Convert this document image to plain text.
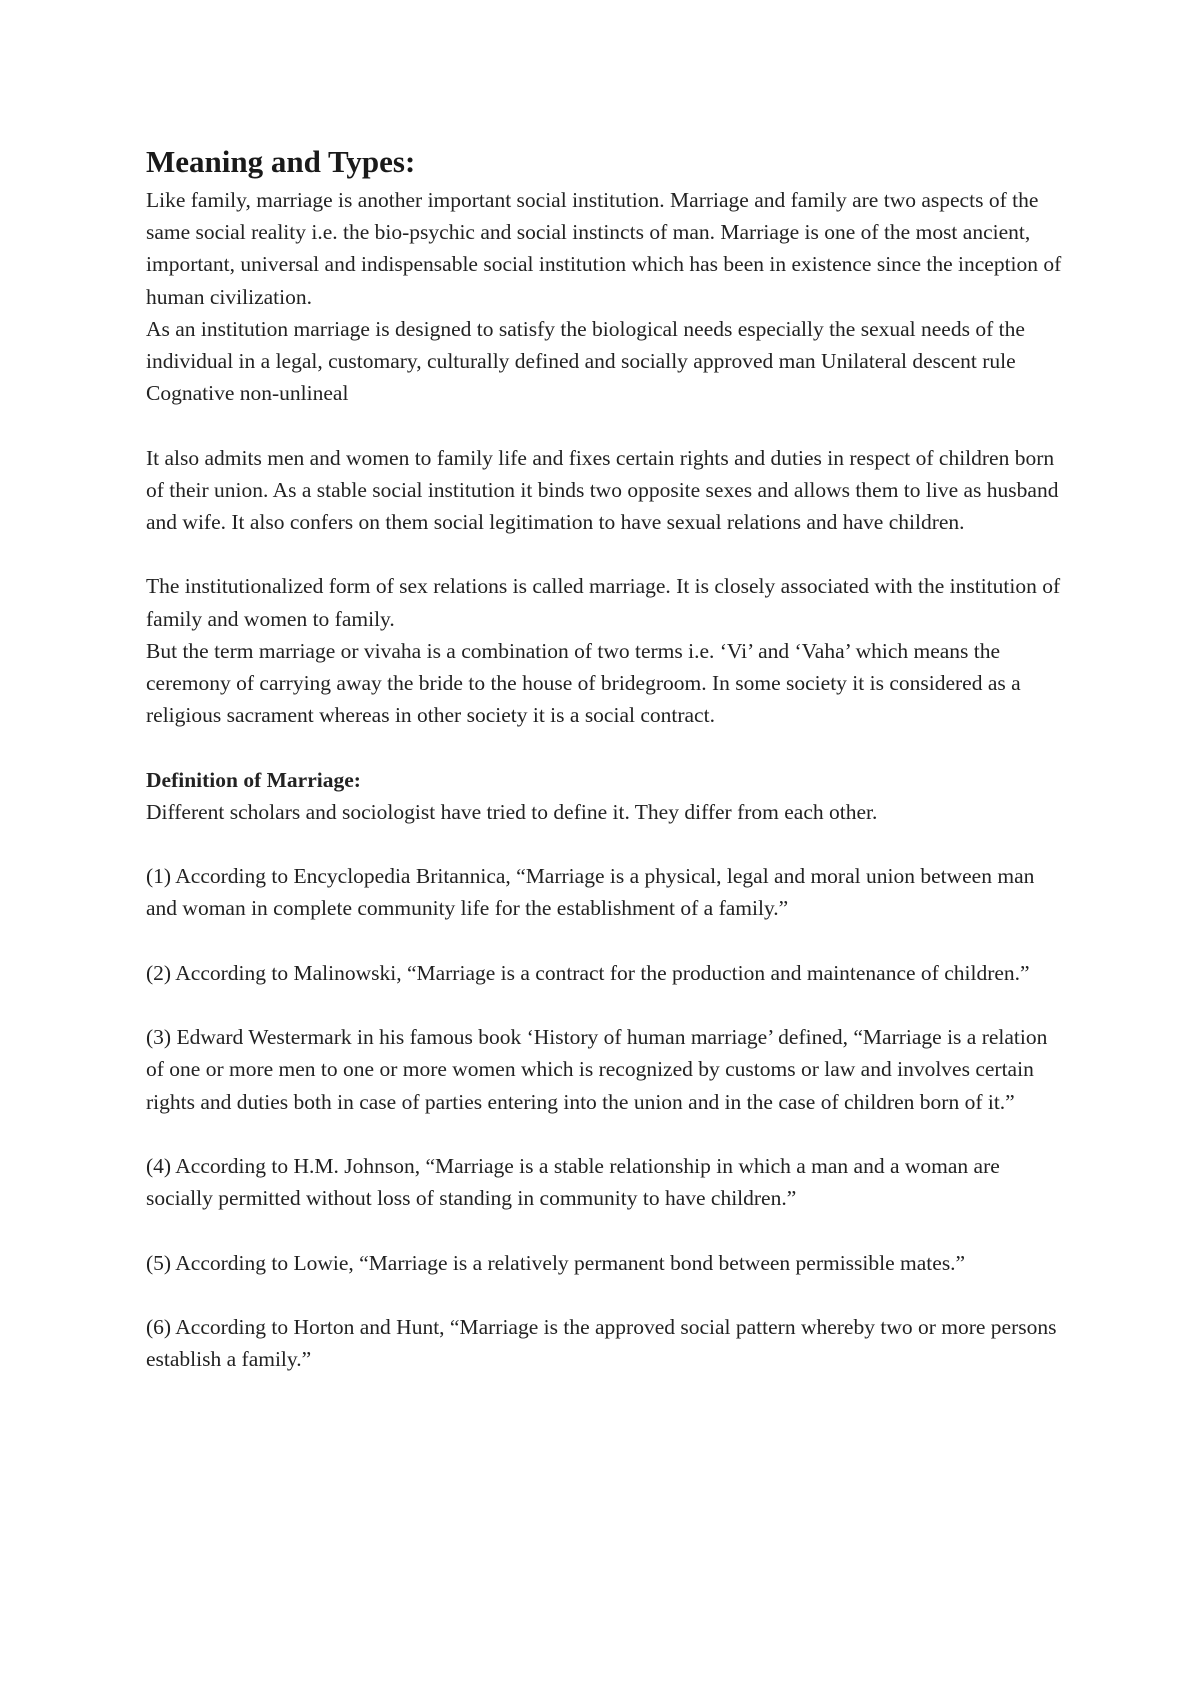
Meaning and Types:

Like family, marriage is another important social institution. Marriage and family are two aspects of the same social reality i.e. the bio-psychic and social instincts of man. Marriage is one of the most ancient, important, universal and indispensable social institution which has been in existence since the inception of human civilization.

As an institution marriage is designed to satisfy the biological needs especially the sexual needs of the individual in a legal, customary, culturally defined and socially approved man Unilateral descent rule Cognative non-unlineal

It also admits men and women to family life and fixes certain rights and duties in respect of children born of their union. As a stable social institution it binds two opposite sexes and allows them to live as husband and wife. It also confers on them social legitimation to have sexual relations and have children.

The institutionalized form of sex relations is called marriage. It is closely associated with the institution of family and women to family.

But the term marriage or vivaha is a combination of two terms i.e. ‘Vi’ and ‘Vaha’ which means the ceremony of carrying away the bride to the house of bridegroom. In some society it is considered as a religious sacrament whereas in other society it is a social contract.

Definition of Marriage:

Different scholars and sociologist have tried to define it. They differ from each other.

(1) According to Encyclopedia Britannica, “Marriage is a physical, legal and moral union between man and woman in complete community life for the establishment of a family.”

(2) According to Malinowski, “Marriage is a contract for the production and maintenance of children.”

(3) Edward Westermark in his famous book ‘History of human marriage’ defined, “Marriage is a relation of one or more men to one or more women which is recognized by customs or law and involves certain rights and duties both in case of parties entering into the union and in the case of children born of it.”

(4) According to H.M. Johnson, “Marriage is a stable relationship in which a man and a woman are socially permitted without loss of standing in community to have children.”

(5) According to Lowie, “Marriage is a relatively permanent bond between permissible mates.”

(6) According to Horton and Hunt, “Marriage is the approved social pattern whereby two or more persons establish a family.”
